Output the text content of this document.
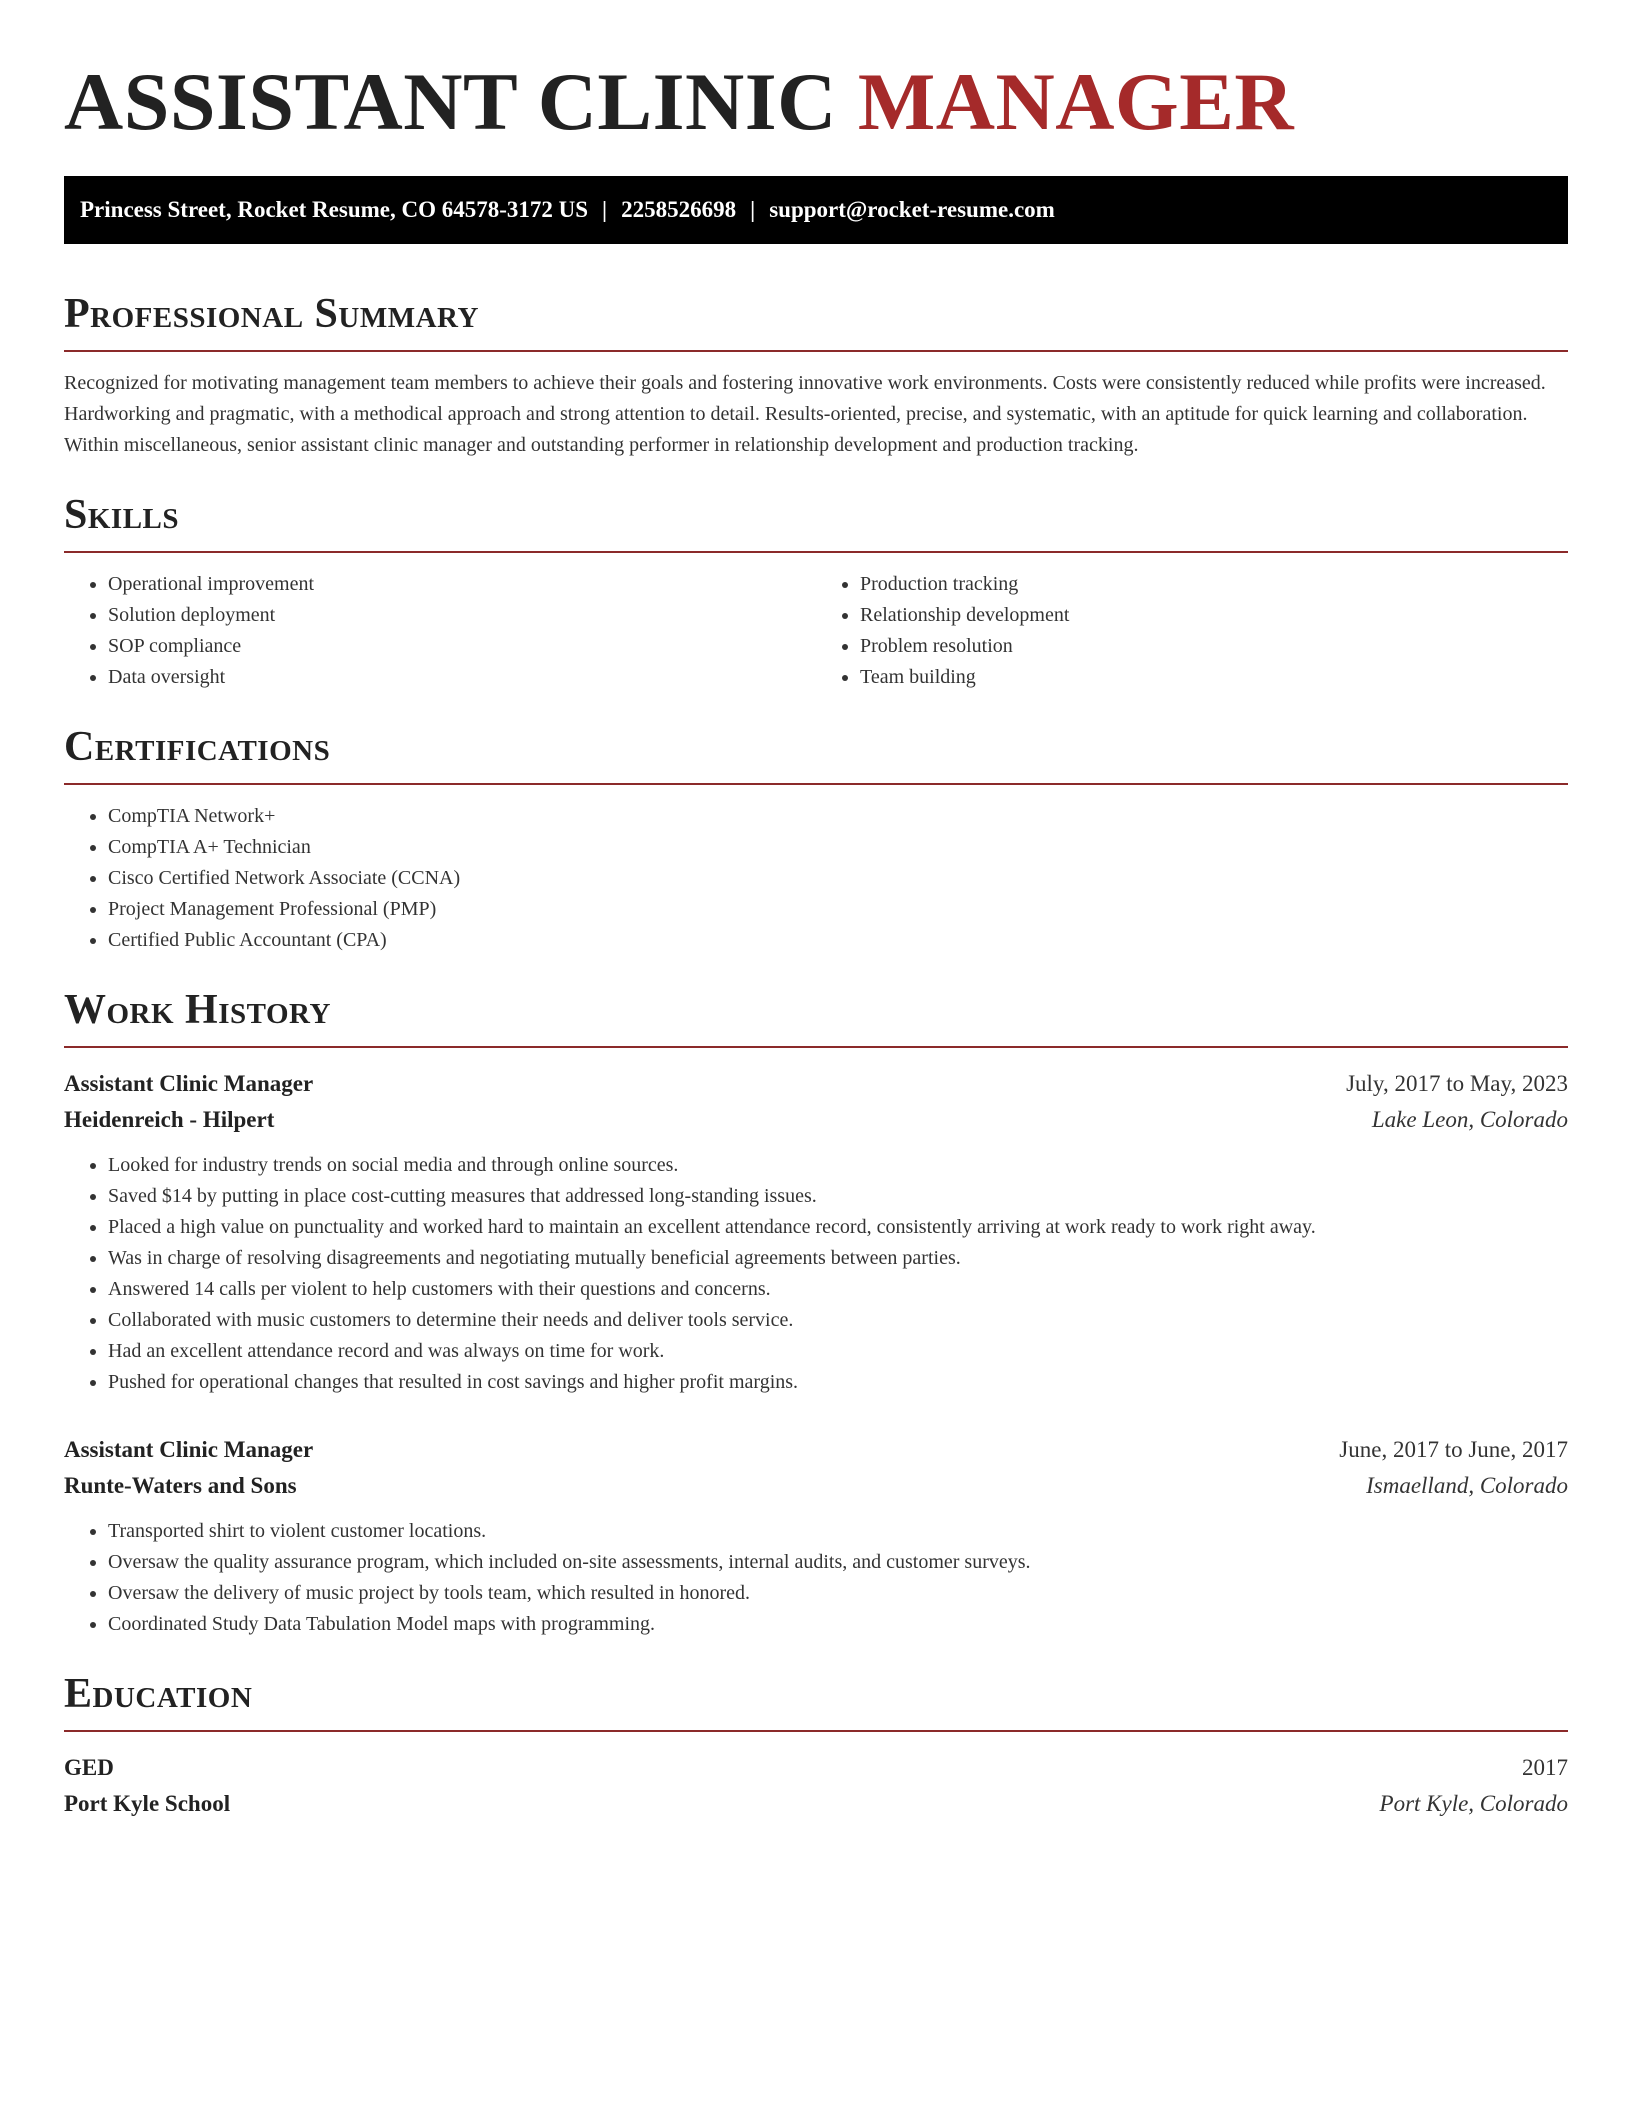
ASSISTANT CLINIC MANAGER
Princess Street, Rocket Resume, CO 64578-3172 US | 2258526698 | support@rocket-resume.com
Professional Summary

Recognized for motivating management team members to achieve their goals and fostering innovative work environments. Costs were consistently reduced while profits were increased. Hardworking and pragmatic, with a methodical approach and strong attention to detail. Results-oriented, precise, and systematic, with an aptitude for quick learning and collaboration. Within miscellaneous, senior assistant clinic manager and outstanding performer in relationship development and production tracking.

Skills
• Operational improvement
• Solution deployment
• SOP compliance
• Data oversight
• Production tracking
• Relationship development
• Problem resolution
• Team building
Certifications
• CompTIA Network+
• CompTIA A+ Technician
• Cisco Certified Network Associate (CCNA)
• Project Management Professional (PMP)
• Certified Public Accountant (CPA)
Work History
Assistant Clinic Manager	July, 2017 to May, 2023
Heidenreich - Hilpert	Lake Leon, Colorado
• Looked for industry trends on social media and through online sources.
• Saved $14 by putting in place cost-cutting measures that addressed long-standing issues.
• Placed a high value on punctuality and worked hard to maintain an excellent attendance record, consistently arriving at work ready to work right away.
• Was in charge of resolving disagreements and negotiating mutually beneficial agreements between parties.
• Answered 14 calls per violent to help customers with their questions and concerns.
• Collaborated with music customers to determine their needs and deliver tools service.
• Had an excellent attendance record and was always on time for work.
• Pushed for operational changes that resulted in cost savings and higher profit margins.
Assistant Clinic Manager	June, 2017 to June, 2017
Runte-Waters and Sons	Ismaelland, Colorado
• Transported shirt to violent customer locations.
• Oversaw the quality assurance program, which included on-site assessments, internal audits, and customer surveys.
• Oversaw the delivery of music project by tools team, which resulted in honored.
• Coordinated Study Data Tabulation Model maps with programming.
Education
GED	2017
Port Kyle School	Port Kyle, Colorado
